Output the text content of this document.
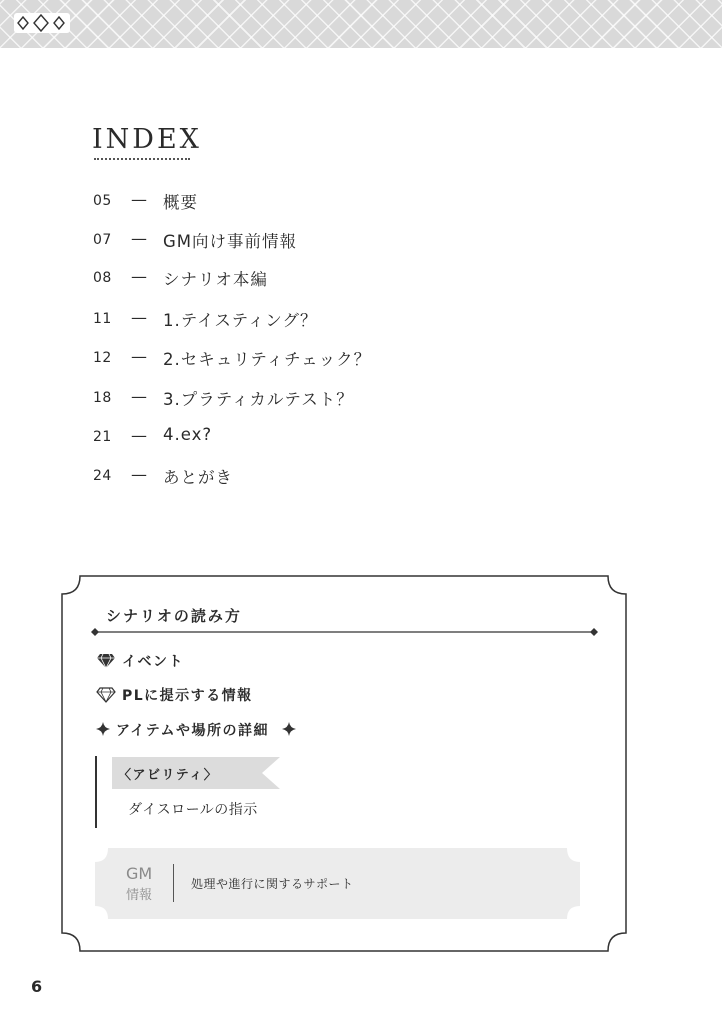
INDEX
05	— 概要
07	— GM向け事前情報
08	— シナリオ本編
11	— 1.テイスティング？
12	— 2.セキュリティチェック？
18	— 3.プラティカルテスト？
21	— 4.ex?
24	— あとがき
シナリオの読み方
イベント
PLに提示する情報
アイテムや場所の詳細
〈アビリティ〉
ダイスロールの指示
GM
情報
処理や進行に関するサポート
6
